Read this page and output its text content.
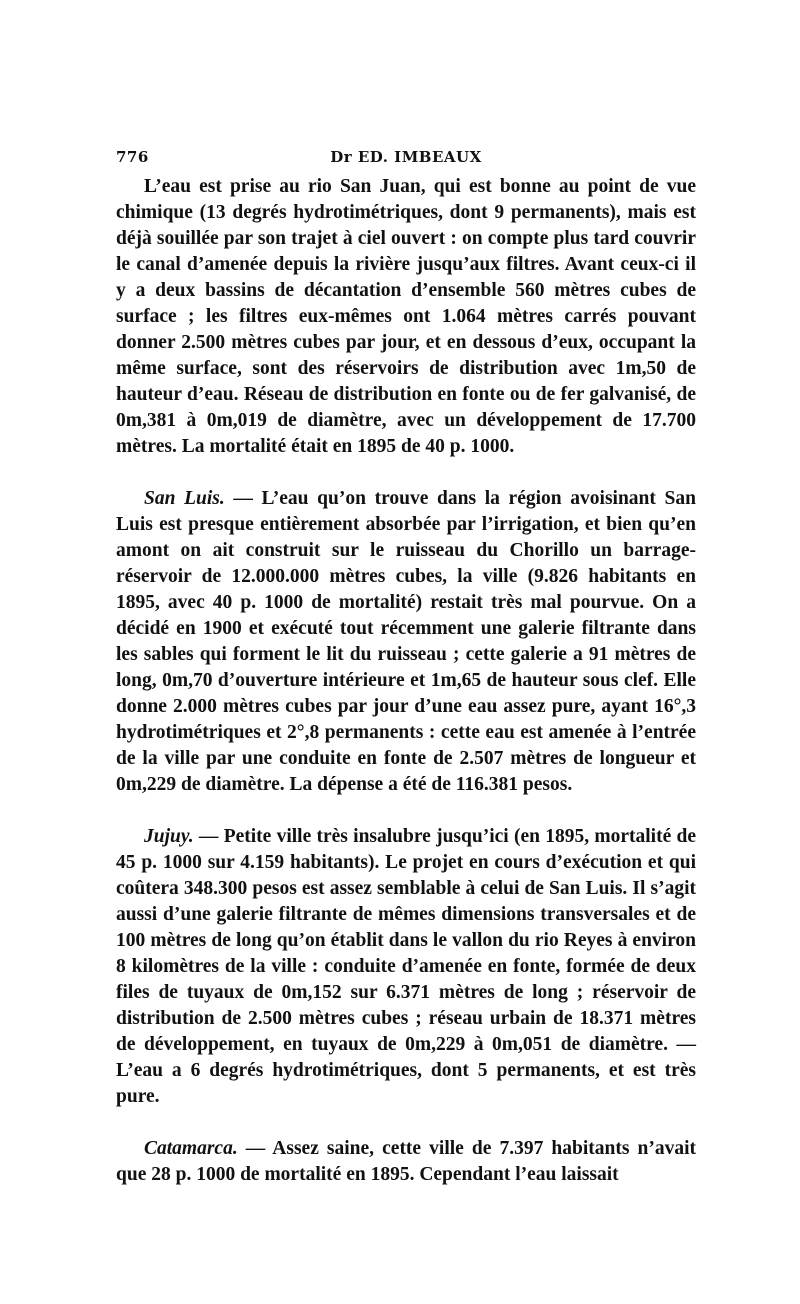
776	Dr ED. IMBEAUX

L’eau est prise au rio San Juan, qui est bonne au point de vue chimique (13 degrés hydrotimétriques, dont 9 permanents), mais est déjà souillée par son trajet à ciel ouvert : on compte plus tard couvrir le canal d’amenée depuis la rivière jusqu’aux filtres. Avant ceux-ci il y a deux bassins de décantation d’ensemble 560 mètres cubes de surface ; les filtres eux-mêmes ont 1.064 mètres carrés pouvant donner 2.500 mètres cubes par jour, et en dessous d’eux, occupant la même surface, sont des réservoirs de distribution avec 1m,50 de hauteur d’eau. Réseau de distribution en fonte ou de fer galvanisé, de 0m,381 à 0m,019 de diamètre, avec un développement de 17.700 mètres. La mortalité était en 1895 de 40 p. 1000.

San Luis. — L’eau qu’on trouve dans la région avoisinant San Luis est presque entièrement absorbée par l’irrigation, et bien qu’en amont on ait construit sur le ruisseau du Chorillo un barrage-réservoir de 12.000.000 mètres cubes, la ville (9.826 habitants en 1895, avec 40 p. 1000 de mortalité) restait très mal pourvue. On a décidé en 1900 et exécuté tout récemment une galerie filtrante dans les sables qui forment le lit du ruisseau ; cette galerie a 91 mètres de long, 0m,70 d’ouverture intérieure et 1m,65 de hauteur sous clef. Elle donne 2.000 mètres cubes par jour d’une eau assez pure, ayant 16°,3 hydrotimétriques et 2°,8 permanents : cette eau est amenée à l’entrée de la ville par une conduite en fonte de 2.507 mètres de longueur et 0m,229 de diamètre. La dépense a été de 116.381 pesos.

Jujuy. — Petite ville très insalubre jusqu’ici (en 1895, mortalité de 45 p. 1000 sur 4.159 habitants). Le projet en cours d’exécution et qui coûtera 348.300 pesos est assez semblable à celui de San Luis. Il s’agit aussi d’une galerie filtrante de mêmes dimensions transversales et de 100 mètres de long qu’on établit dans le vallon du rio Reyes à environ 8 kilomètres de la ville : conduite d’amenée en fonte, formée de deux files de tuyaux de 0m,152 sur 6.371 mètres de long ; réservoir de distribution de 2.500 mètres cubes ; réseau urbain de 18.371 mètres de développement, en tuyaux de 0m,229 à 0m,051 de diamètre. — L’eau a 6 degrés hydrotimétriques, dont 5 permanents, et est très pure.

Catamarca. — Assez saine, cette ville de 7.397 habitants n’avait que 28 p. 1000 de mortalité en 1895. Cependant l’eau laissait
